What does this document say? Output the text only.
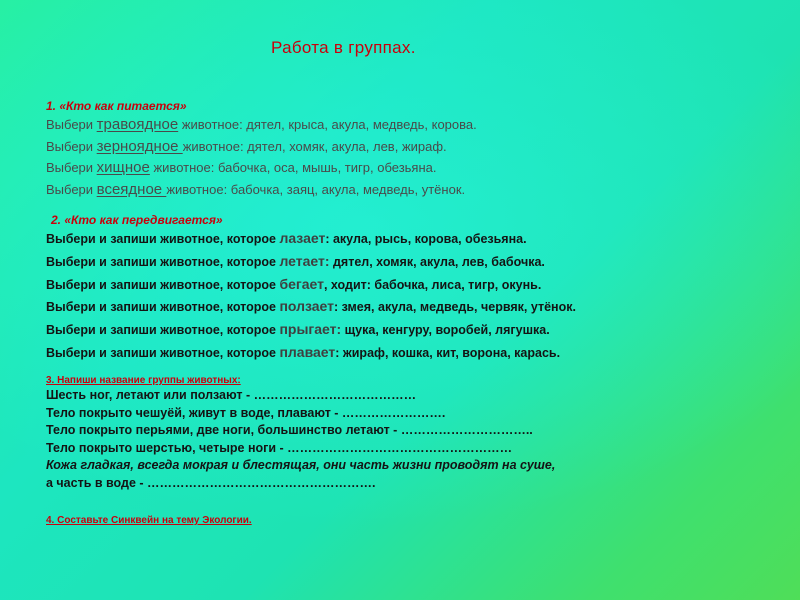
Работа в группах.
1. «Кто как питается»
Выбери травоядное животное: дятел, крыса, акула, медведь, корова.
Выбери зерноядное животное: дятел, хомяк, акула, лев, жираф.
Выбери хищное животное: бабочка, оса, мышь, тигр, обезьяна.
Выбери всеядное животное: бабочка, заяц, акула, медведь, утёнок.
2. «Кто как передвигается»
Выбери и запиши животное, которое лазает: акула, рысь, корова, обезьяна.
Выбери и запиши животное, которое летает: дятел, хомяк, акула, лев, бабочка.
Выбери и запиши животное, которое бегает, ходит: бабочка, лиса, тигр, окунь.
Выбери и запиши животное, которое ползает: змея, акула, медведь, червяк, утёнок.
Выбери и запиши животное, которое прыгает: щука, кенгуру, воробей, лягушка.
Выбери и запиши животное, которое плавает: жираф, кошка, кит, ворона, карась.
3. Напиши название группы животных:
Шесть ног, летают или ползают - …………………………………
Тело покрыто чешуёй, живут в воде, плавают - …………………….
Тело покрыто перьями, две ноги, большинство летают - …………………………..
Тело покрыто шерстью, четыре ноги - ………………………………………………
Кожа гладкая, всегда мокрая и блестящая, они часть жизни проводят на суше,
а часть в воде - ……………………………………………….
4. Составьте Синквейн на тему Экологии.
